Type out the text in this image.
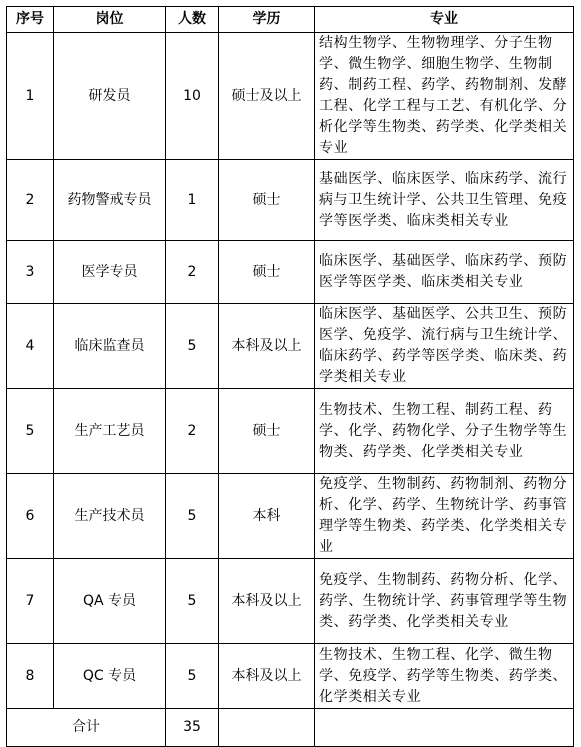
序号	岗位	人数	学历	专业
1	研发员	10	硕士及以上	结构生物学、生物物理学、分子生物学、微生物学、细胞生物学、生物制药、制药工程、药学、药物制剂、发酵工程、化学工程与工艺、有机化学、分析化学等生物类、药学类、化学类相关专业
2	药物警戒专员	1	硕士	基础医学、临床医学、临床药学、流行病与卫生统计学、公共卫生管理、免疫学等医学类、临床类相关专业
3	医学专员	2	硕士	临床医学、基础医学、临床药学、预防医学等医学类、临床类相关专业
4	临床监查员	5	本科及以上	临床医学、基础医学、公共卫生、预防医学、免疫学、流行病与卫生统计学、临床药学、药学等医学类、临床类、药学类相关专业
5	生产工艺员	2	硕士	生物技术、生物工程、制药工程、药学、化学、药物化学、分子生物学等生物类、药学类、化学类相关专业
6	生产技术员	5	本科	免疫学、生物制药、药物制剂、药物分析、化学、药学、生物统计学、药事管理学等生物类、药学类、化学类相关专业
7	QA 专员	5	本科及以上	免疫学、生物制药、药物分析、化学、药学、生物统计学、药事管理学等生物类、药学类、化学类相关专业
8	QC 专员	5	本科及以上	生物技术、生物工程、化学、微生物学、免疫学、药学等生物类、药学类、化学类相关专业
合计		35		
